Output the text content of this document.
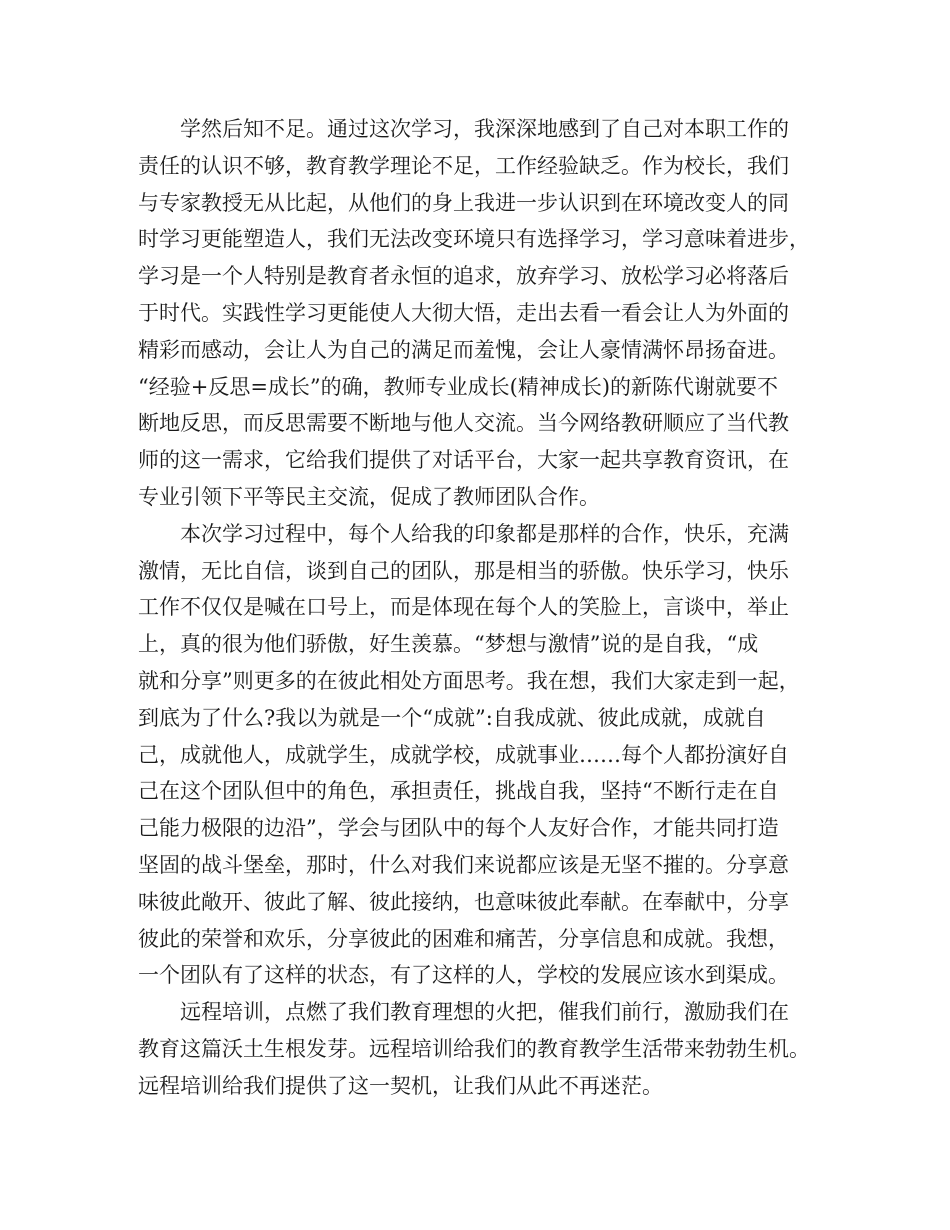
学然后知不足。通过这次学习，我深深地感到了自己对本职工作的
责任的认识不够，教育教学理论不足，工作经验缺乏。作为校长，我们
与专家教授无从比起，从他们的身上我进一步认识到在环境改变人的同
时学习更能塑造人，我们无法改变环境只有选择学习，学习意味着进步，
学习是一个人特别是教育者永恒的追求，放弃学习、放松学习必将落后
于时代。实践性学习更能使人大彻大悟，走出去看一看会让人为外面的
精彩而感动，会让人为自己的满足而羞愧，会让人豪情满怀昂扬奋进。
“经验+反思=成长”的确，教师专业成长(精神成长)的新陈代谢就要不
断地反思，而反思需要不断地与他人交流。当今网络教研顺应了当代教
师的这一需求，它给我们提供了对话平台，大家一起共享教育资讯，在
专业引领下平等民主交流，促成了教师团队合作。
本次学习过程中，每个人给我的印象都是那样的合作，快乐，充满
激情，无比自信，谈到自己的团队，那是相当的骄傲。快乐学习，快乐
工作不仅仅是喊在口号上，而是体现在每个人的笑脸上，言谈中，举止
上，真的很为他们骄傲，好生羡慕。“梦想与激情”说的是自我，“成
就和分享”则更多的在彼此相处方面思考。我在想，我们大家走到一起，
到底为了什么?我以为就是一个“成就”:自我成就、彼此成就，成就自
己，成就他人，成就学生，成就学校，成就事业……每个人都扮演好自
己在这个团队但中的角色，承担责任，挑战自我，坚持“不断行走在自
己能力极限的边沿”，学会与团队中的每个人友好合作，才能共同打造
坚固的战斗堡垒，那时，什么对我们来说都应该是无坚不摧的。分享意
味彼此敞开、彼此了解、彼此接纳，也意味彼此奉献。在奉献中，分享
彼此的荣誉和欢乐，分享彼此的困难和痛苦，分享信息和成就。我想，
一个团队有了这样的状态，有了这样的人，学校的发展应该水到渠成。
远程培训，点燃了我们教育理想的火把，催我们前行，激励我们在
教育这篇沃土生根发芽。远程培训给我们的教育教学生活带来勃勃生机。
远程培训给我们提供了这一契机，让我们从此不再迷茫。
